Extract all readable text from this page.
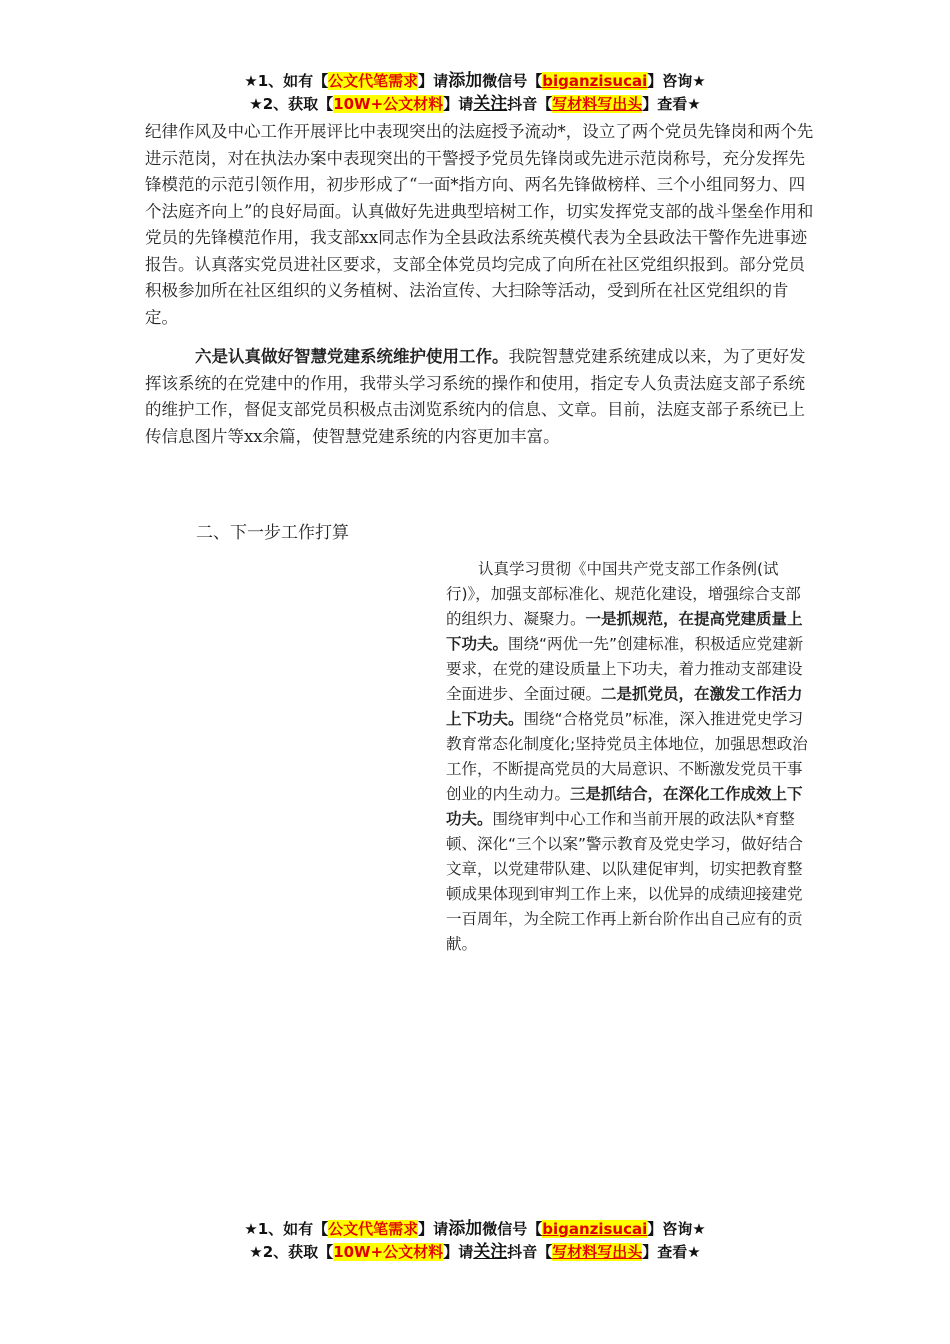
★1、如有【公文代笔需求】请添加微信号【biganzisucai】咨询★
★2、获取【10W+公文材料】请关注抖音【写材料写出头】查看★

纪律作风及中心工作开展评比中表现突出的法庭授予流动*，设立了两个党员先锋岗和两个先进示范岗，对在执法办案中表现突出的干警授予党员先锋岗或先进示范岗称号，充分发挥先锋模范的示范引领作用，初步形成了“一面*指方向、两名先锋做榜样、三个小组同努力、四个法庭齐向上”的良好局面。认真做好先进典型培树工作，切实发挥党支部的战斗堡垒作用和党员的先锋模范作用，我支部xx同志作为全县政法系统英模代表为全县政法干警作先进事迹报告。认真落实党员进社区要求，支部全体党员均完成了向所在社区党组织报到。部分党员积极参加所在社区组织的义务植树、法治宣传、大扫除等活动，受到所在社区党组织的肯定。

六是认真做好智慧党建系统维护使用工作。我院智慧党建系统建成以来，为了更好发挥该系统的在党建中的作用，我带头学习系统的操作和使用，指定专人负责法庭支部子系统的维护工作，督促支部党员积极点击浏览系统内的信息、文章。目前，法庭支部子系统已上传信息图片等xx余篇，使智慧党建系统的内容更加丰富。

二、下一步工作打算

认真学习贯彻《中国共产党支部工作条例(试行)》，加强支部标准化、规范化建设，增强综合支部的组织力、凝聚力。一是抓规范，在提高党建质量上下功夫。围绕“两优一先”创建标准，积极适应党建新要求，在党的建设质量上下功夫，着力推动支部建设全面进步、全面过硬。二是抓党员，在激发工作活力上下功夫。围绕“合格党员”标准，深入推进党史学习教育常态化制度化;坚持党员主体地位，加强思想政治工作，不断提高党员的大局意识、不断激发党员干事创业的内生动力。三是抓结合，在深化工作成效上下功夫。围绕审判中心工作和当前开展的政法队*育整顿、深化“三个以案”警示教育及党史学习，做好结合文章，以党建带队建、以队建促审判，切实把教育整顿成果体现到审判工作上来，以优异的成绩迎接建党一百周年，为全院工作再上新台阶作出自己应有的贡献。

★1、如有【公文代笔需求】请添加微信号【biganzisucai】咨询★
★2、获取【10W+公文材料】请关注抖音【写材料写出头】查看★
